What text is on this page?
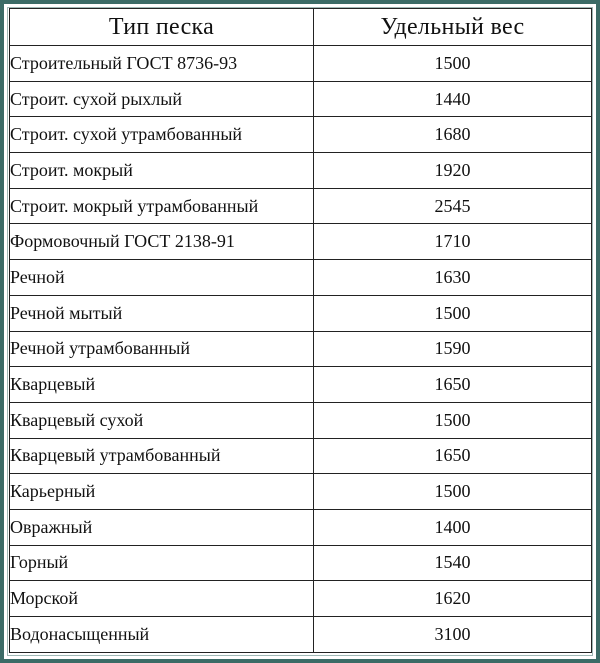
Тип песка	Удельный вес
Строительный ГОСТ 8736-93	1500
Строит. сухой рыхлый	1440
Строит. сухой утрамбованный	1680
Строит. мокрый	1920
Строит. мокрый утрамбованный	2545
Формовочный ГОСТ 2138-91	1710
Речной	1630
Речной мытый	1500
Речной утрамбованный	1590
Кварцевый	1650
Кварцевый сухой	1500
Кварцевый утрамбованный	1650
Карьерный	1500
Овражный	1400
Горный	1540
Морской	1620
Водонасыщенный	3100
